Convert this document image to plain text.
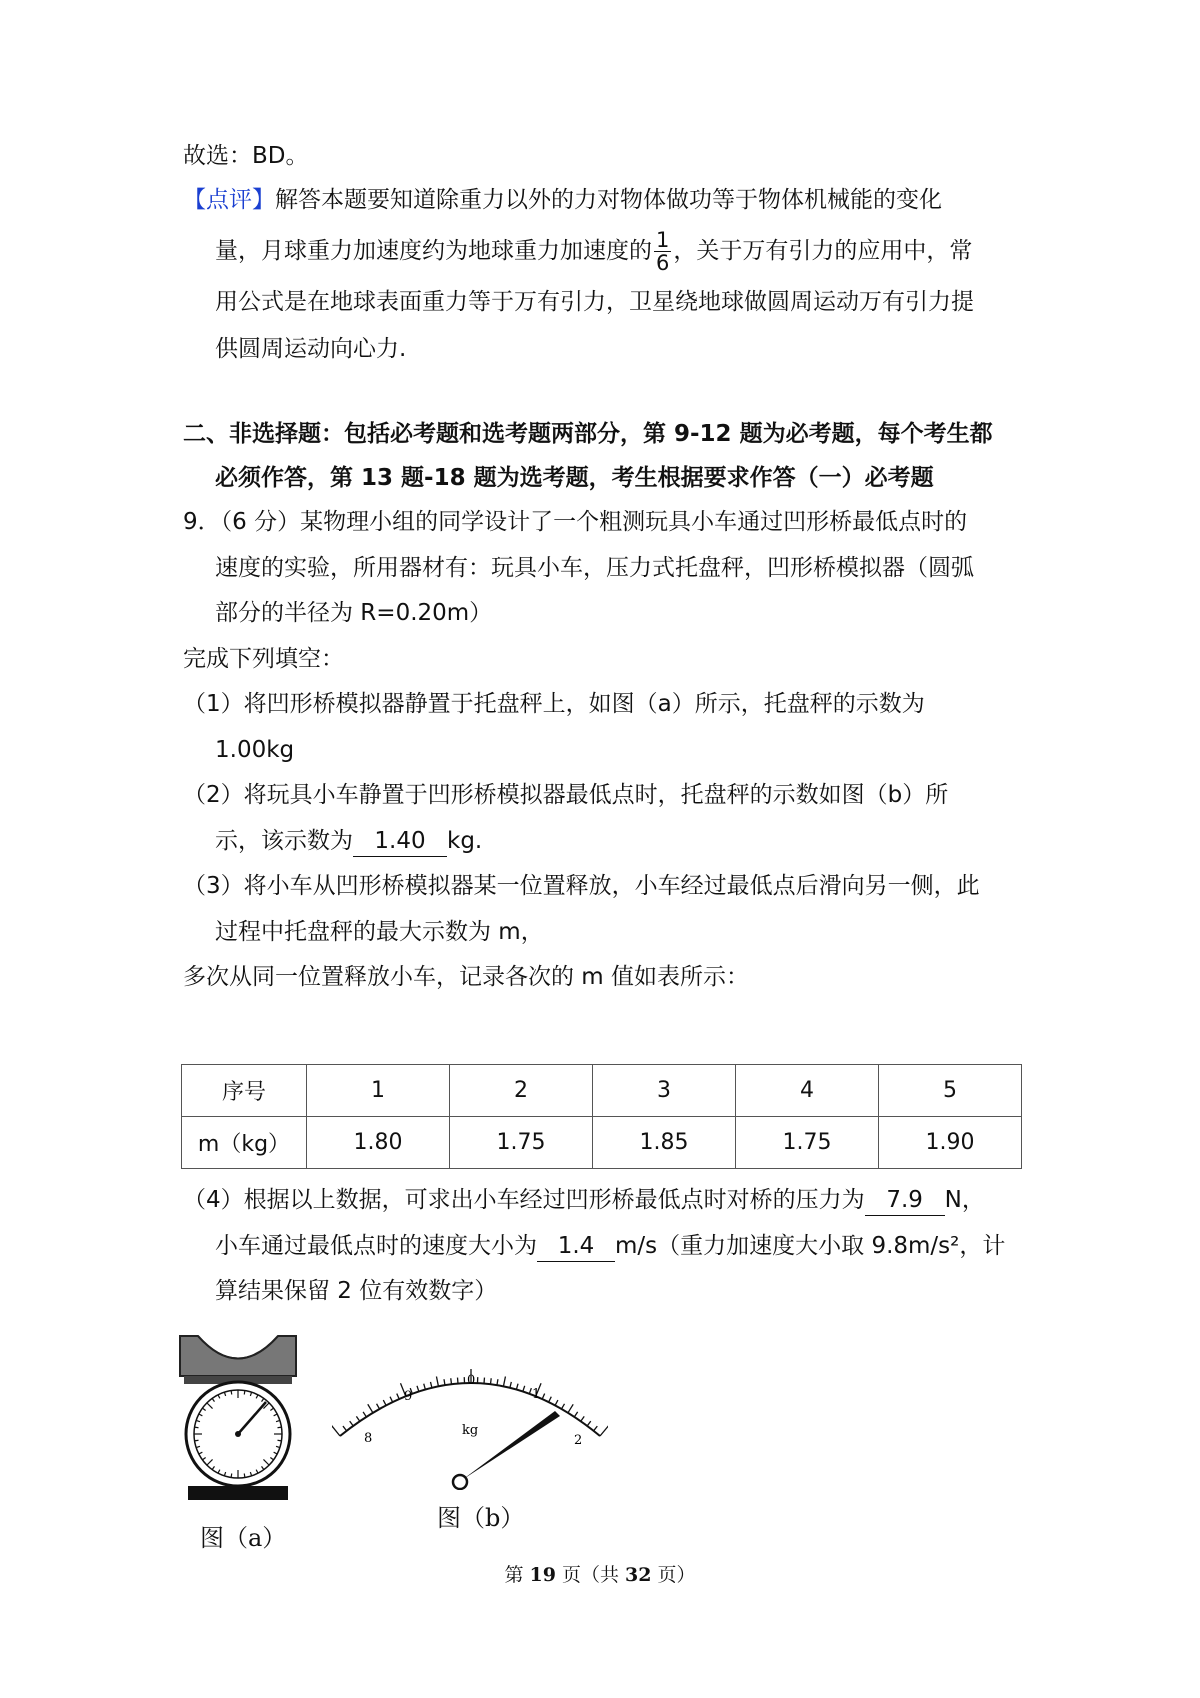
故选：BD。
【点评】解答本题要知道除重力以外的力对物体做功等于物体机械能的变化
量，月球重力加速度约为地球重力加速度的 $\frac{1}{6}$ ，关于万有引力的应用中，常
用公式是在地球表面重力等于万有引力，卫星绕地球做圆周运动万有引力提
供圆周运动向心力.
二、非选择题：包括必考题和选考题两部分，第 9-12 题为必考题，每个考生都
必须作答，第 13 题-18 题为选考题，考生根据要求作答（一）必考题
9．（6 分）某物理小组的同学设计了一个粗测玩具小车通过凹形桥最低点时的
速度的实验，所用器材有：玩具小车，压力式托盘秤，凹形桥模拟器（圆弧
部分的半径为 R=0.20m）
完成下列填空：
（1）将凹形桥模拟器静置于托盘秤上，如图（a）所示，托盘秤的示数为
1.00kg
（2）将玩具小车静置于凹形桥模拟器最低点时，托盘秤的示数如图（b）所
示，该示数为 1.40 kg.
（3）将小车从凹形桥模拟器某一位置释放，小车经过最低点后滑向另一侧，此
过程中托盘秤的最大示数为 m，
多次从同一位置释放小车，记录各次的 m 值如表所示：
序号	1	2	3	4	5
m（kg）	1.80	1.75	1.85	1.75	1.90
（4）根据以上数据，可求出小车经过凹形桥最低点时对桥的压力为 7.9 N，
小车通过最低点时的速度大小为 1.4 m/s（重力加速度大小取 9.8m/s²，计
算结果保留 2 位有效数字）
图（a）
8
9
0
1
2
kg
图（b）
第 19 页（共 32 页）
